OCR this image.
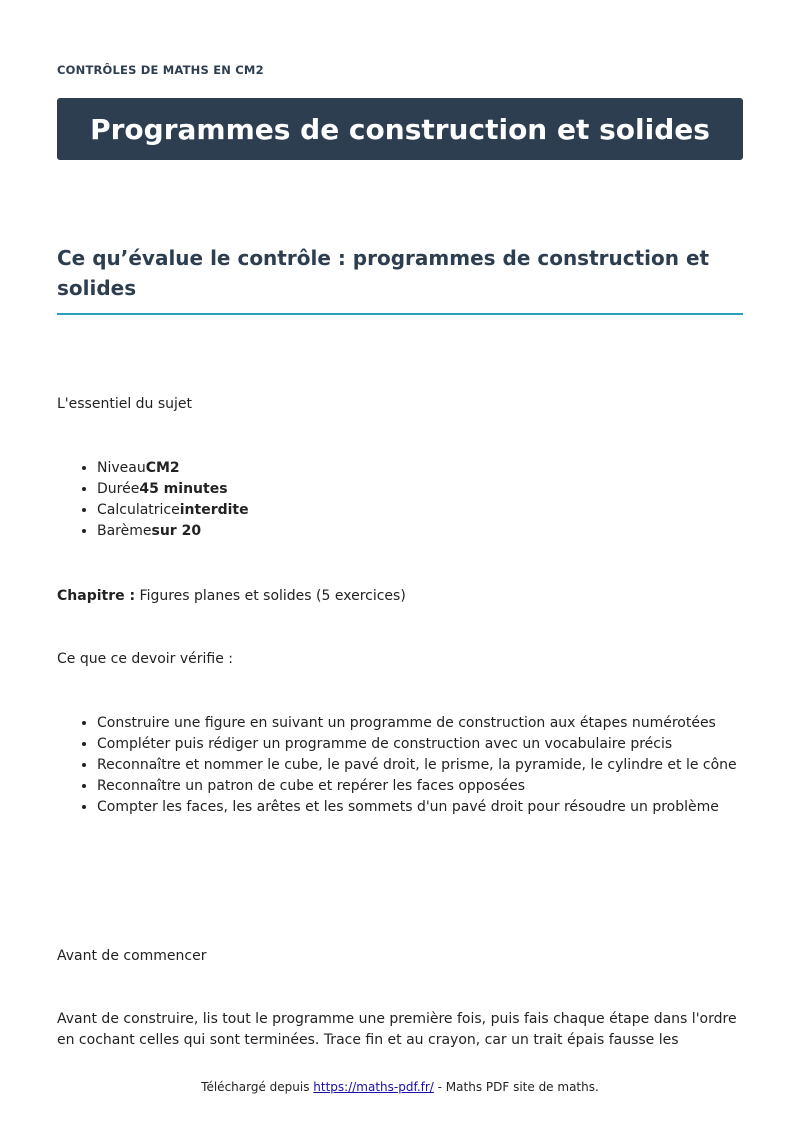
CONTRÔLES DE MATHS EN CM2
Programmes de construction et solides
Ce qu’évalue le contrôle : programmes de construction et solides

L'essentiel du sujet

• NiveauCM2
• Durée45 minutes
• Calculatriceinterdite
• Barèmesur 20

Chapitre : Figures planes et solides (5 exercices)

Ce que ce devoir vérifie :

• Construire une figure en suivant un programme de construction aux étapes numérotées
• Compléter puis rédiger un programme de construction avec un vocabulaire précis
• Reconnaître et nommer le cube, le pavé droit, le prisme, la pyramide, le cylindre et le cône
• Reconnaître un patron de cube et repérer les faces opposées
• Compter les faces, les arêtes et les sommets d'un pavé droit pour résoudre un problème

Avant de commencer

Avant de construire, lis tout le programme une première fois, puis fais chaque étape dans l'ordre en cochant celles qui sont terminées. Trace fin et au crayon, car un trait épais fausse les

Téléchargé depuis https://maths-pdf.fr/ - Maths PDF site de maths.
